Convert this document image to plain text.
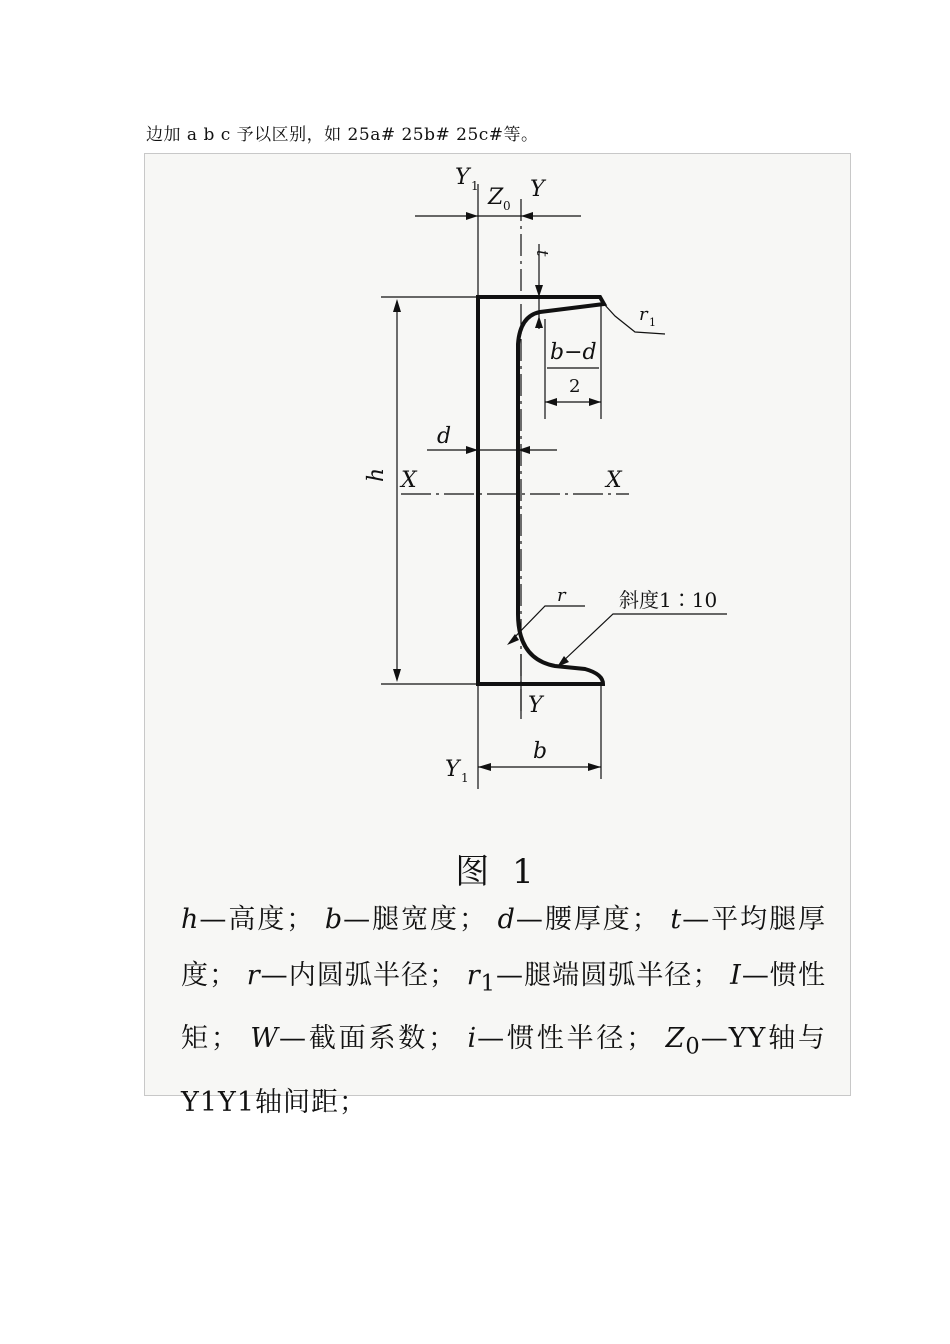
边加 a b c 予以区别，如 25a# 25b# 25c#等。
Y 1 Z 0
Y
t
r 1
b−d
2
d
h X	X
r	斜度1∶10
Y
Y 1
b
图 1
h—高度； b—腿宽度； d—腰厚度； t—平均腿厚度； r—内圆弧半径； $r_1—$腿端圆弧半径； I—惯性矩； W—截面系数； i—惯性半径； $Z_0—YY$轴与Y1Y1轴间距；
